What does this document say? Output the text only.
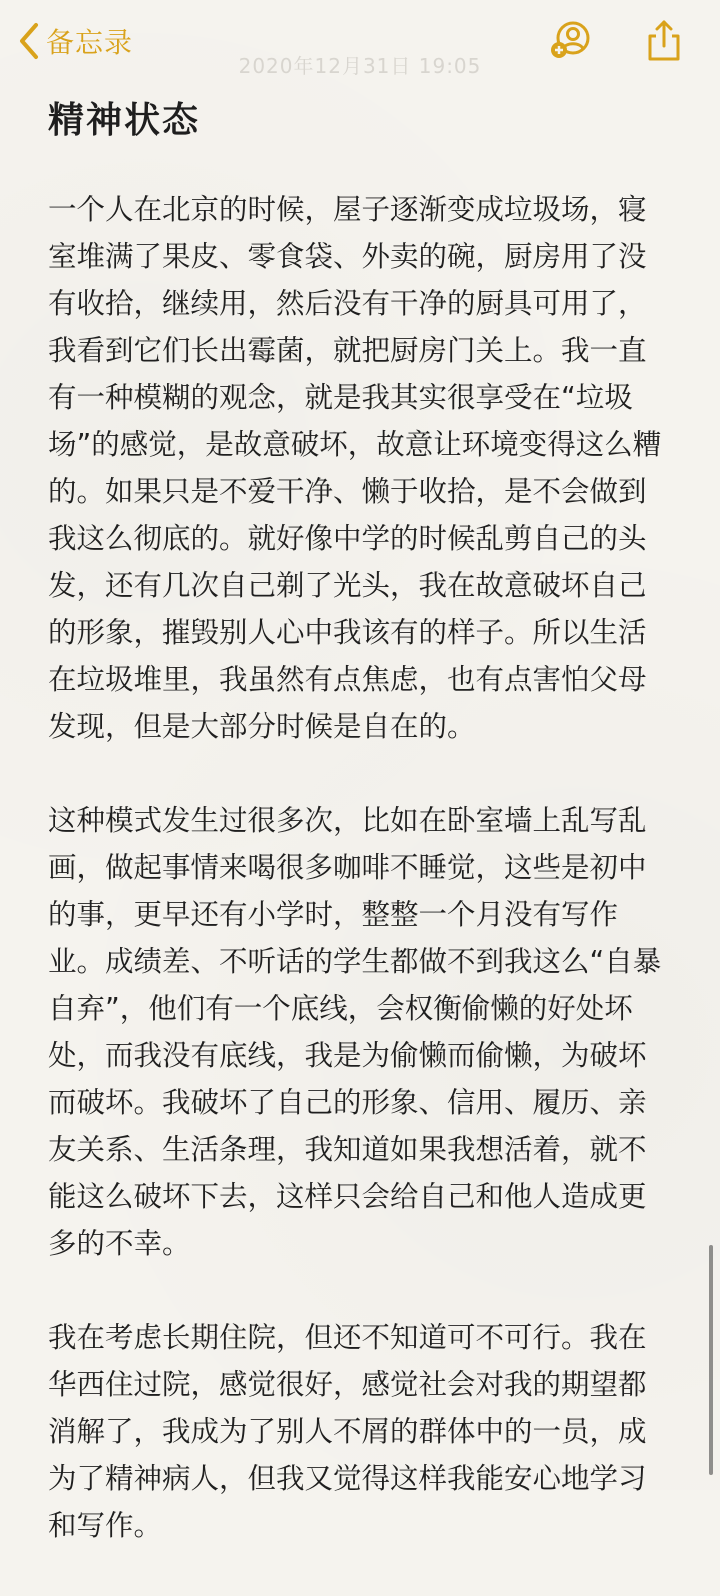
备忘录
2020年12月31日 19:05
精神状态

一个人在北京的时候，屋子逐渐变成垃圾场，寝室堆满了果皮、零食袋、外卖的碗，厨房用了没有收拾，继续用，然后没有干净的厨具可用了，我看到它们长出霉菌，就把厨房门关上。我一直有一种模糊的观念，就是我其实很享受在“垃圾场”的感觉，是故意破坏，故意让环境变得这么糟的。如果只是不爱干净、懒于收拾，是不会做到我这么彻底的。就好像中学的时候乱剪自己的头发，还有几次自己剃了光头，我在故意破坏自己的形象，摧毁别人心中我该有的样子。所以生活在垃圾堆里，我虽然有点焦虑，也有点害怕父母发现，但是大部分时候是自在的。

这种模式发生过很多次，比如在卧室墙上乱写乱画，做起事情来喝很多咖啡不睡觉，这些是初中的事，更早还有小学时，整整一个月没有写作业。成绩差、不听话的学生都做不到我这么“自暴自弃”，他们有一个底线，会权衡偷懒的好处坏处，而我没有底线，我是为偷懒而偷懒，为破坏而破坏。我破坏了自己的形象、信用、履历、亲友关系、生活条理，我知道如果我想活着，就不能这么破坏下去，这样只会给自己和他人造成更多的不幸。

我在考虑长期住院，但还不知道可不可行。我在华西住过院，感觉很好，感觉社会对我的期望都消解了，我成为了别人不屑的群体中的一员，成为了精神病人，但我又觉得这样我能安心地学习和写作。
